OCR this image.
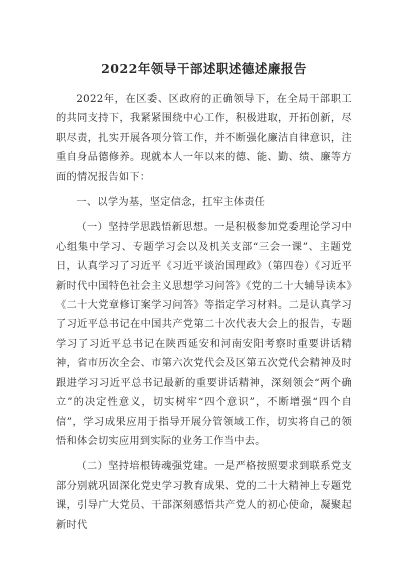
2022年领导干部述职述德述廉报告

2022年，在区委、区政府的正确领导下，在全局干部职工的共同支持下，我紧紧围绕中心工作，积极进取，开拓创新，尽职尽责，扎实开展各项分管工作，并不断强化廉洁自律意识，注重自身品德修养。现就本人一年以来的德、能、勤、绩、廉等方面的情况报告如下：

一、以学为基，坚定信念，扛牢主体责任

（一）坚持学思践悟新思想。一是积极参加党委理论学习中心组集中学习、专题学习会以及机关支部“三会一课”、主题党日，认真学习了习近平《习近平谈治国理政》（第四卷）《习近平新时代中国特色社会主义思想学习问答》《党的二十大辅导读本》《二十大党章修订案学习问答》等指定学习材料。二是认真学习了习近平总书记在中国共产党第二十次代表大会上的报告，专题学习了习近平总书记在陕西延安和河南安阳考察时重要讲话精神，省市历次全会、市第六次党代会及区第五次党代会精神及时跟进学习习近平总书记最新的重要讲话精神，深刻领会“两个确立”的决定性意义，切实树牢“四个意识”，不断增强“四个自信”，学习成果应用于指导开展分管领域工作，切实将自己的领悟和体会切实应用到实际的业务工作当中去。

（二）坚持培根铸魂强党建。一是严格按照要求到联系党支部分别就巩固深化党史学习教育成果、党的二十大精神上专题党课，引导广大党员、干部深刻感悟共产党人的初心使命，凝聚起新时代
